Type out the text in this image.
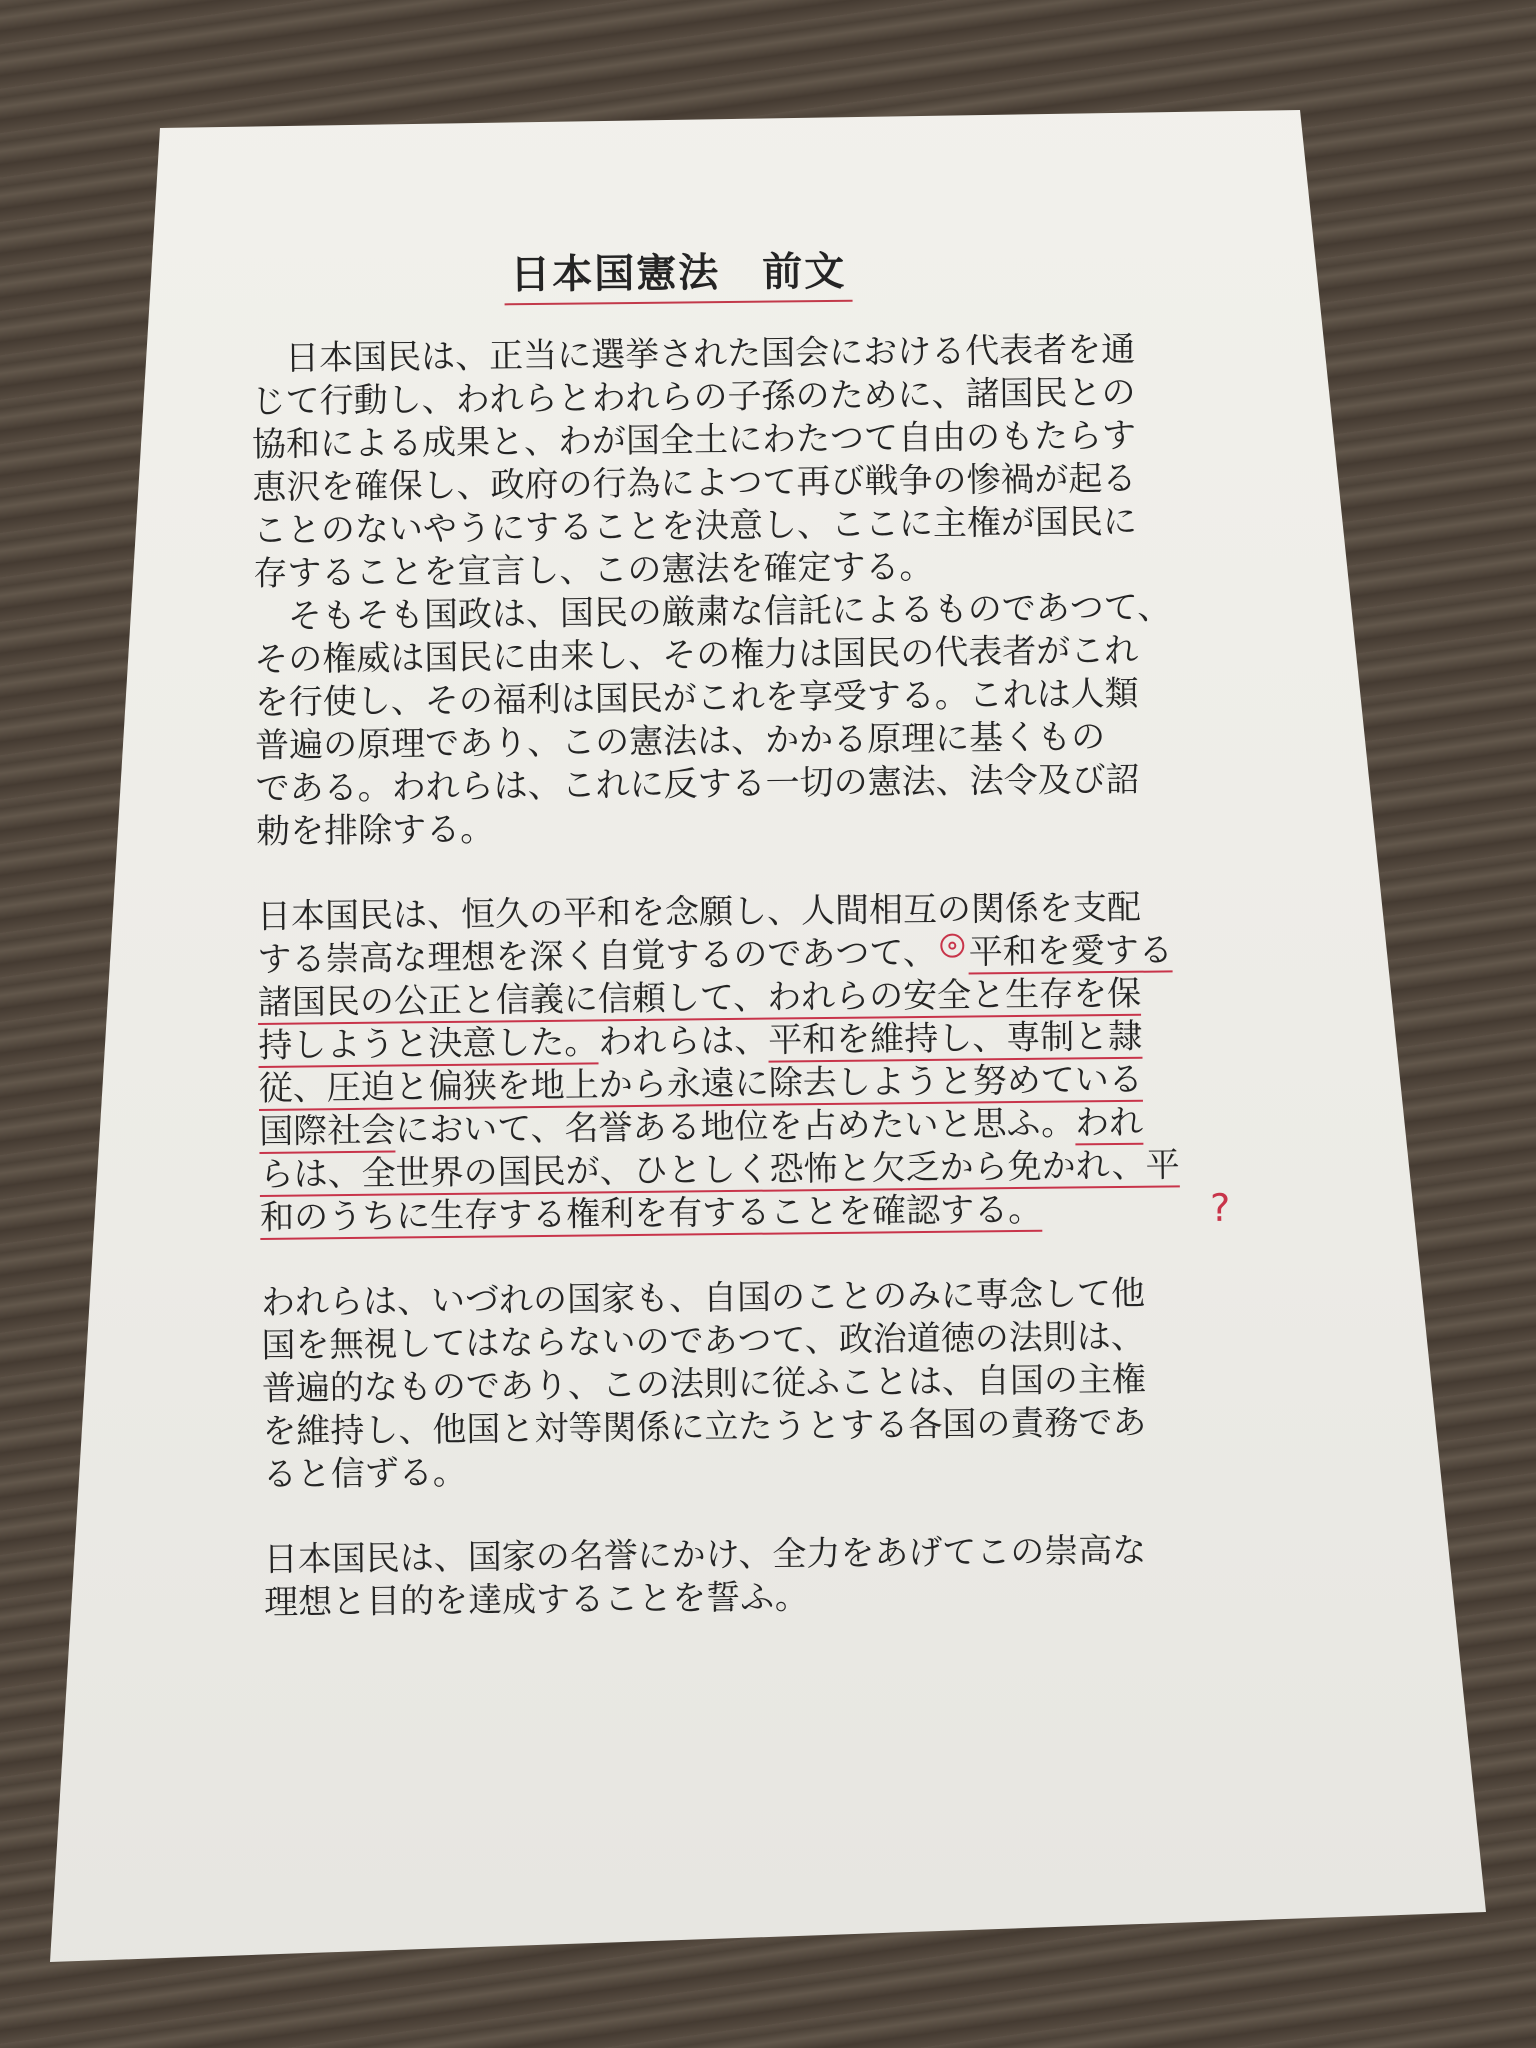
日本国憲法　前文
　日本国民は、正当に選挙された国会における代表者を通
じて行動し、われらとわれらの子孫のために、諸国民との
協和による成果と、わが国全土にわたつて自由のもたらす
恵沢を確保し、政府の行為によつて再び戦争の惨禍が起る
ことのないやうにすることを決意し、ここに主権が国民に
存することを宣言し、この憲法を確定する。
　そもそも国政は、国民の厳粛な信託によるものであつて、
その権威は国民に由来し、その権力は国民の代表者がこれ
を行使し、その福利は国民がこれを享受する。これは人類
普遍の原理であり、この憲法は、かかる原理に基くもの
である。われらは、これに反する一切の憲法、法令及び詔
勅を排除する。
日本国民は、恒久の平和を念願し、人間相互の関係を支配
する崇高な理想を深く自覚するのであつて、 平和を愛する
諸国民の公正と信義に信頼して、われらの安全と生存を保
持しようと決意した。われらは、平和を維持し、専制と隷
従、圧迫と偏狭を地上から永遠に除去しようと努めている
国際社会において、名誉ある地位を占めたいと思ふ。われ
らは、全世界の国民が、ひとしく恐怖と欠乏から免かれ、平
和のうちに生存する権利を有することを確認する。	?
われらは、いづれの国家も、自国のことのみに専念して他
国を無視してはならないのであつて、政治道徳の法則は、
普遍的なものであり、この法則に従ふことは、自国の主権
を維持し、他国と対等関係に立たうとする各国の責務であ
ると信ずる。
日本国民は、国家の名誉にかけ、全力をあげてこの崇高な
理想と目的を達成することを誓ふ。
